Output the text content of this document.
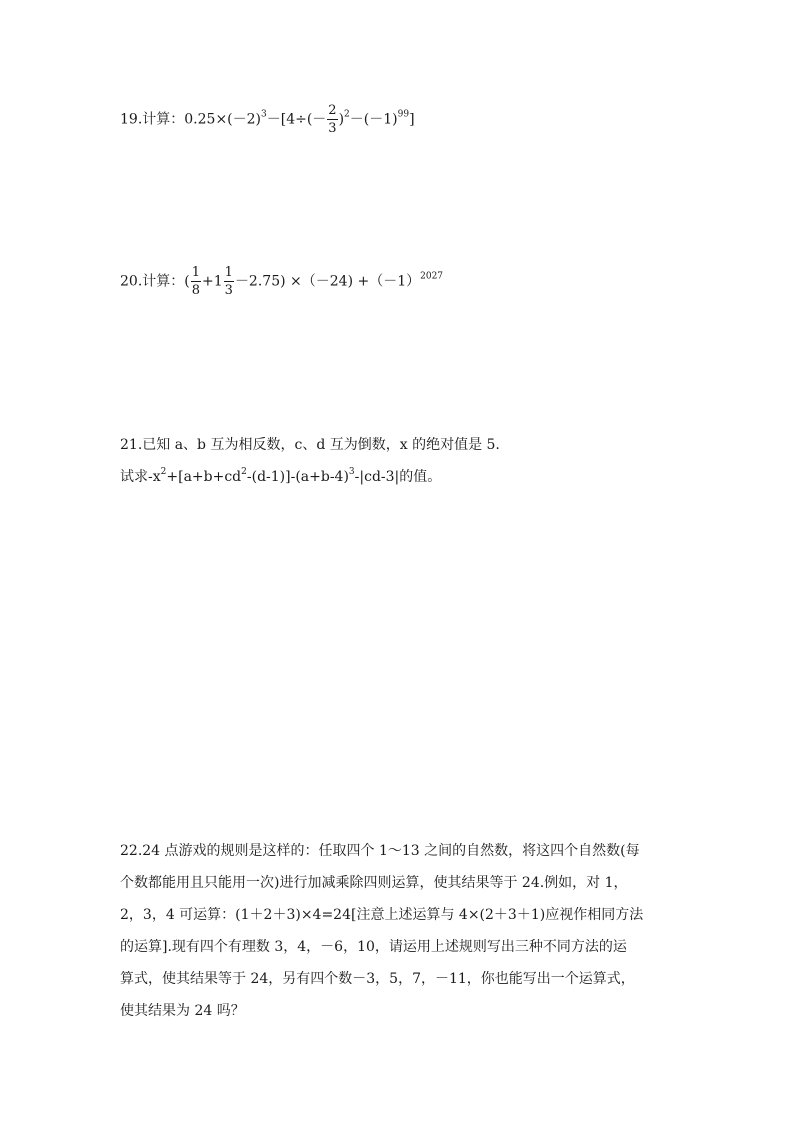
19.计算：$0.25\times(-2)^3-[4\div(- \frac{2}{3} )^2-(-1)^{99}]$
20.计算：( $\frac{1}{8} +1 \frac{1}{3} -2.75) \times(-24) +(-1)^{2027}$
21.已知 a、b 互为相反数，c、d 互为倒数，x 的绝对值是 5.
试求$-x^2+[a+b+cd^2-(d-1)]-(a+b-4)^3-|cd-3|$的值。
22.24 点游戏的规则是这样的：任取四个 1～13 之间的自然数，将这四个自然数(每
个数都能用且只能用一次)进行加减乘除四则运算，使其结果等于 24.例如，对 1，
2，3，4 可运算：(1＋2＋3)×4=24[注意上述运算与 4×(2＋3＋1)应视作相同方法
的运算].现有四个有理数 3，4，－6，10，请运用上述规则写出三种不同方法的运
算式，使其结果等于 24，另有四个数－3，5，7，－11，你也能写出一个运算式，
使其结果为 24 吗？
